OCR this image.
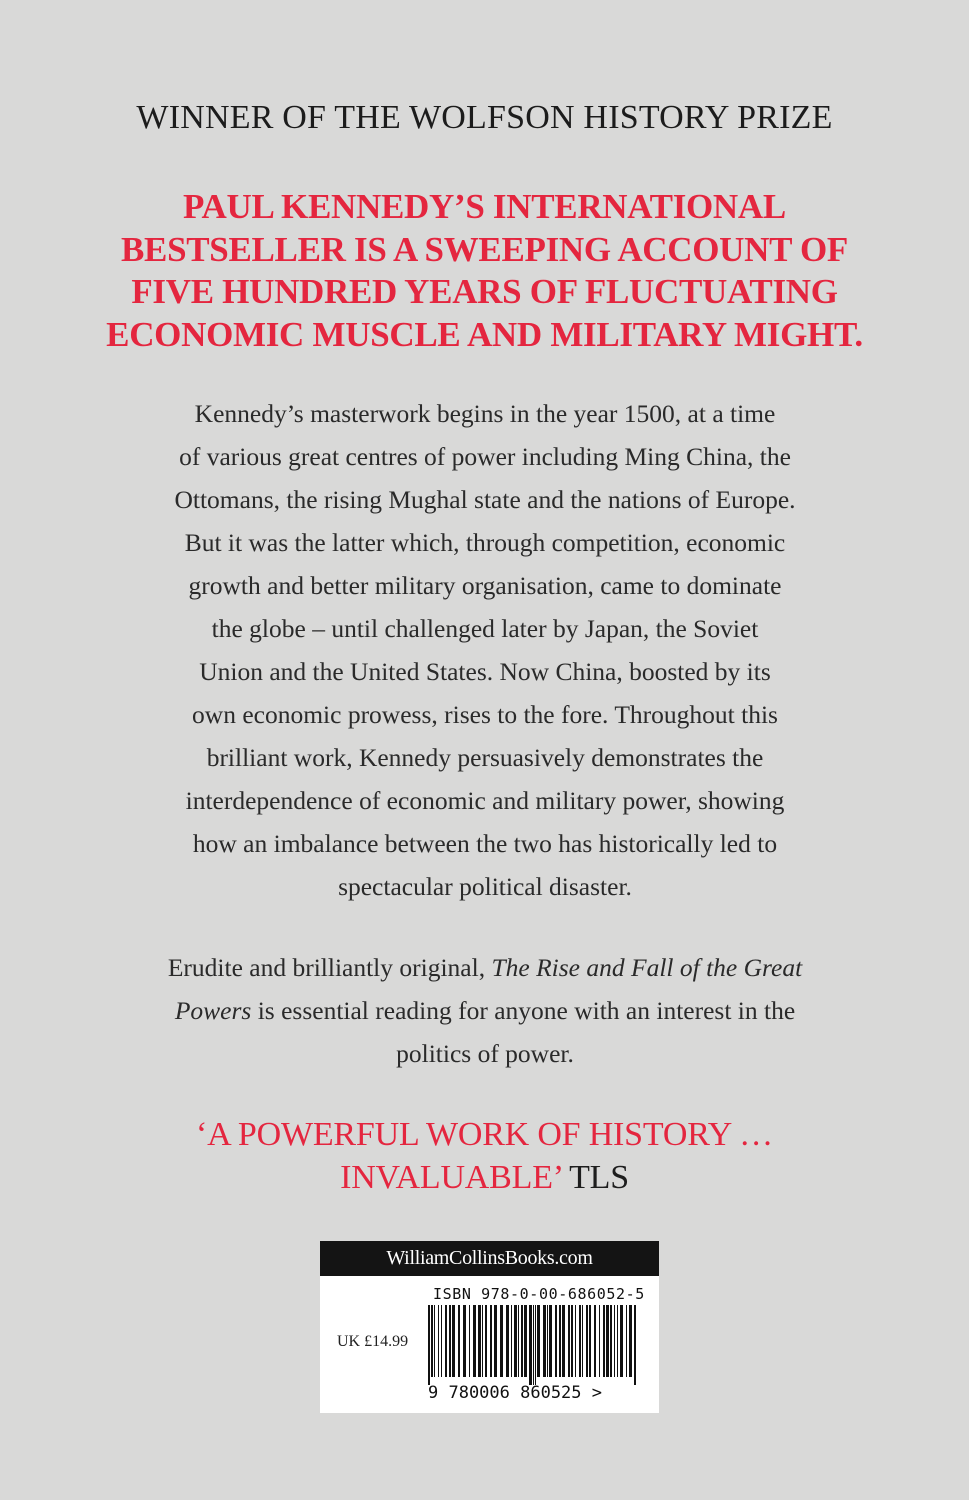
WINNER OF THE WOLFSON HISTORY PRIZE
PAUL KENNEDY’S INTERNATIONAL
BESTSELLER IS A SWEEPING ACCOUNT OF
FIVE HUNDRED YEARS OF FLUCTUATING
ECONOMIC MUSCLE AND MILITARY MIGHT.
Kennedy’s masterwork begins in the year 1500, at a time
of various great centres of power including Ming China, the
Ottomans, the rising Mughal state and the nations of Europe.
But it was the latter which, through competition, economic
growth and better military organisation, came to dominate
the globe – until challenged later by Japan, the Soviet
Union and the United States. Now China, boosted by its
own economic prowess, rises to the fore. Throughout this
brilliant work, Kennedy persuasively demonstrates the
interdependence of economic and military power, showing
how an imbalance between the two has historically led to
spectacular political disaster.
Erudite and brilliantly original, The Rise and Fall of the Great
Powers is essential reading for anyone with an interest in the
politics of power.
‘A POWERFUL WORK OF HISTORY …
INVALUABLE’ TLS
WilliamCollinsBooks.com
ISBN 978-0-00-686052-5
UK £14.99
9 780006 860525 >
